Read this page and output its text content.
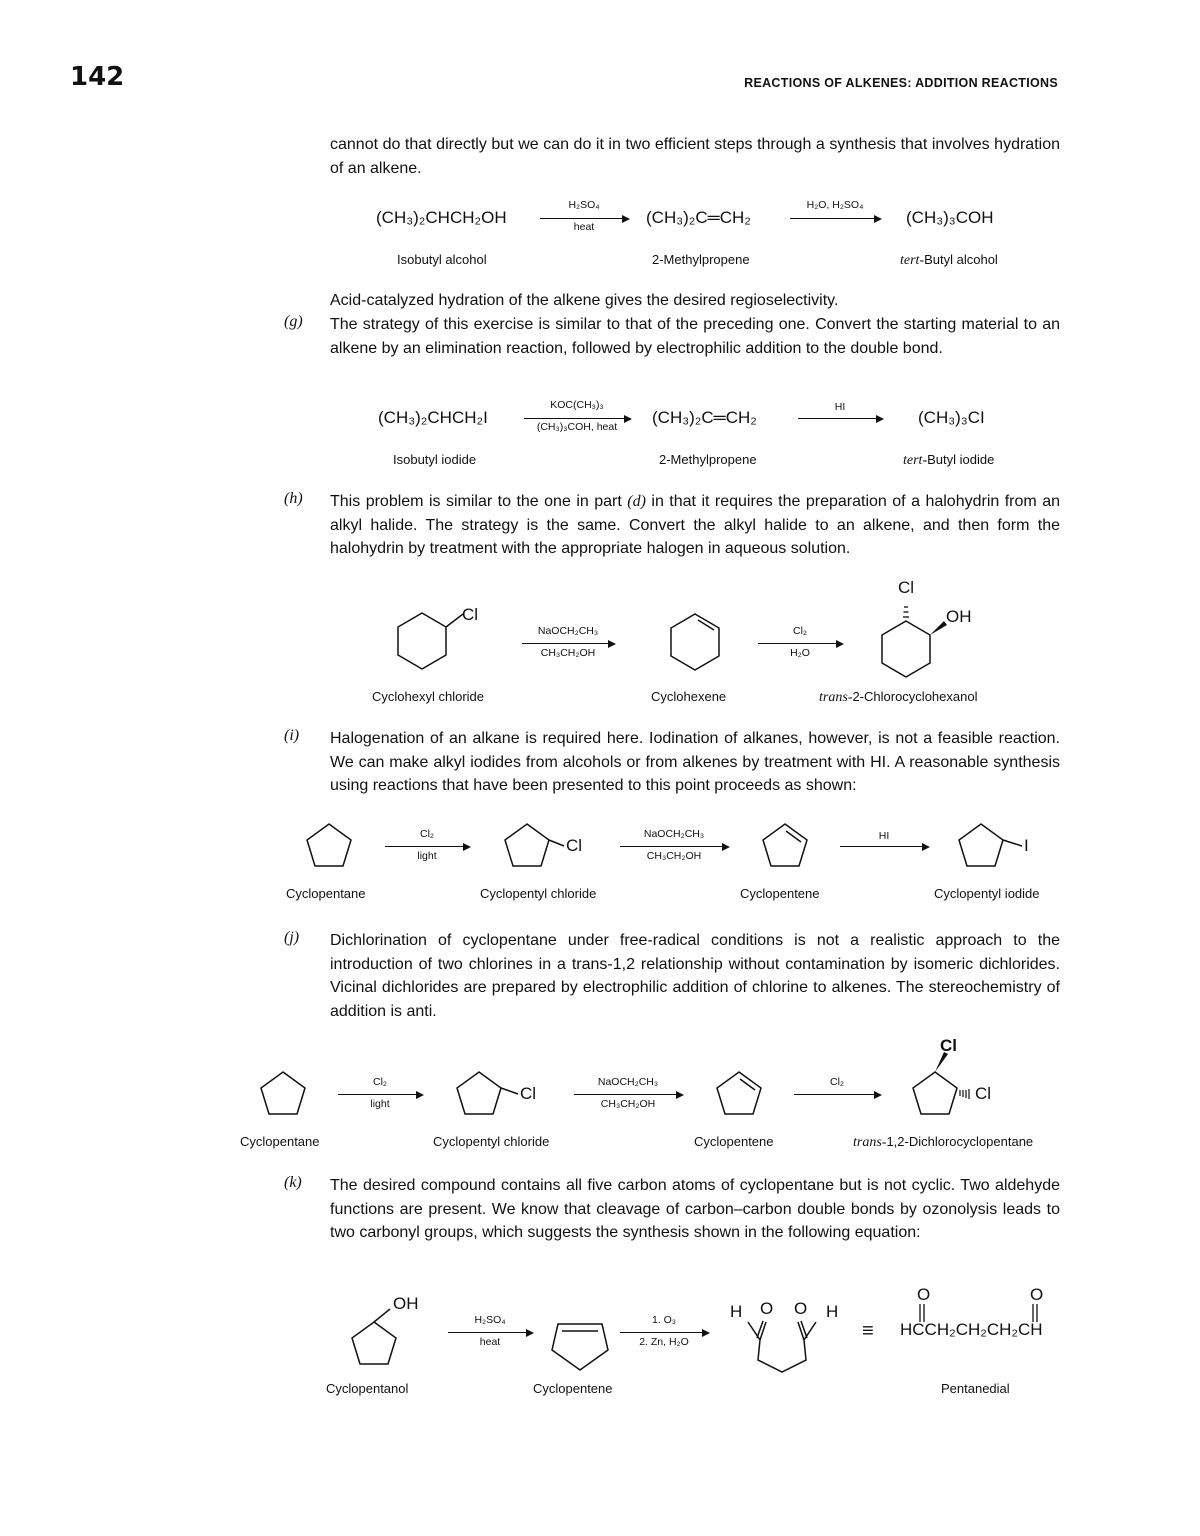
142	REACTIONS OF ALKENES: ADDITION REACTIONS
cannot do that directly but we can do it in two efficient steps through a synthesis that involves hydration of an alkene.
(CH₃)₂CHCH₂OH
H₂SO₄
heat	(CH₃)₂C═CH₂
H₂O, H₂SO₄
(CH₃)₃COH
Isobutyl alcohol	2-Methylpropene	tert-Butyl alcohol
Acid-catalyzed hydration of the alkene gives the desired regioselectivity.
(g) The strategy of this exercise is similar to that of the preceding one. Convert the starting material to an alkene by an elimination reaction, followed by electrophilic addition to the double bond.
(CH₃)₂CHCH₂I
KOC(CH₃)₃
(CH₃)₃COH, heat	(CH₃)₂C═CH₂
HI
(CH₃)₃CI
Isobutyl iodide	2-Methylpropene	tert-Butyl iodide
(h) This problem is similar to the one in part (d) in that it requires the preparation of a halohydrin from an alkyl halide. The strategy is the same. Convert the alkyl halide to an alkene, and then form the halohydrin by treatment with the appropriate halogen in aqueous solution.
Cl
NaOCH₂CH₃
CH₃CH₂OH
Cl₂
H₂O
Cl
OH
Cyclohexyl chloride	Cyclohexene	trans-2-Chlorocyclohexanol
(i) Halogenation of an alkane is required here. Iodination of alkanes, however, is not a feasible reaction. We can make alkyl iodides from alcohols or from alkenes by treatment with HI. A reasonable synthesis using reactions that have been presented to this point proceeds as shown:
Cl₂
light
Cl
NaOCH₂CH₃
CH₃CH₂OH
HI	I
Cyclopentane	Cyclopentyl chloride	Cyclopentene	Cyclopentyl iodide
(j) Dichlorination of cyclopentane under free-radical conditions is not a realistic approach to the introduction of two chlorines in a trans-1,2 relationship without contamination by isomeric dichlorides. Vicinal dichlorides are prepared by electrophilic addition of chlorine to alkenes. The stereochemistry of addition is anti.
Cl₂
light
Cl
NaOCH₂CH₃
CH₃CH₂OH
Cl₂
Cl
Cl
Cyclopentane	Cyclopentyl chloride	Cyclopentene	trans-1,2-Dichlorocyclopentane
(k) The desired compound contains all five carbon atoms of cyclopentane but is not cyclic. Two aldehyde functions are present. We know that cleavage of carbon–carbon double bonds by ozonolysis leads to two carbonyl groups, which suggests the synthesis shown in the following equation:
OH
H₂SO₄
heat
1. O₃
2. Zn, H₂O
H O O H
≡
O	O
HCCH₂CH₂CH₂CH
Cyclopentanol	Cyclopentene	Pentanedial
